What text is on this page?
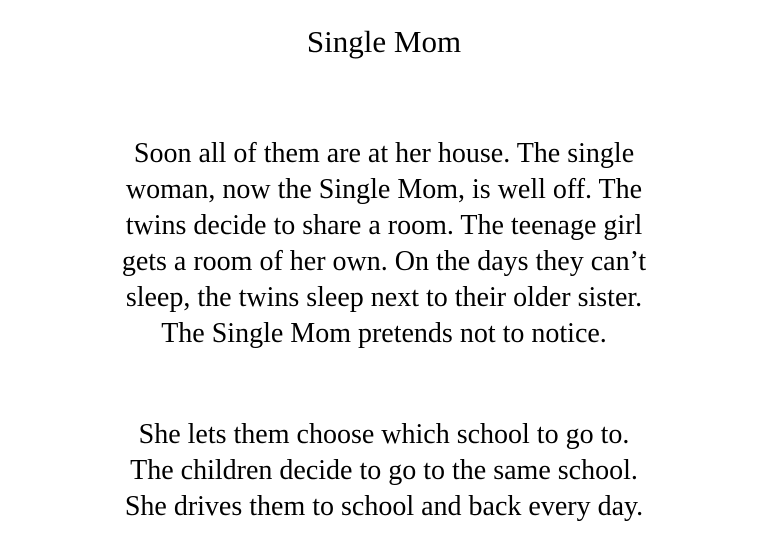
Single Mom

Soon all of them are at her house. The single
woman, now the Single Mom, is well off. The
twins decide to share a room. The teenage girl
gets a room of her own. On the days they can’t
sleep, the twins sleep next to their older sister.
The Single Mom pretends not to notice.

She lets them choose which school to go to.
The children decide to go to the same school.
She drives them to school and back every day.
